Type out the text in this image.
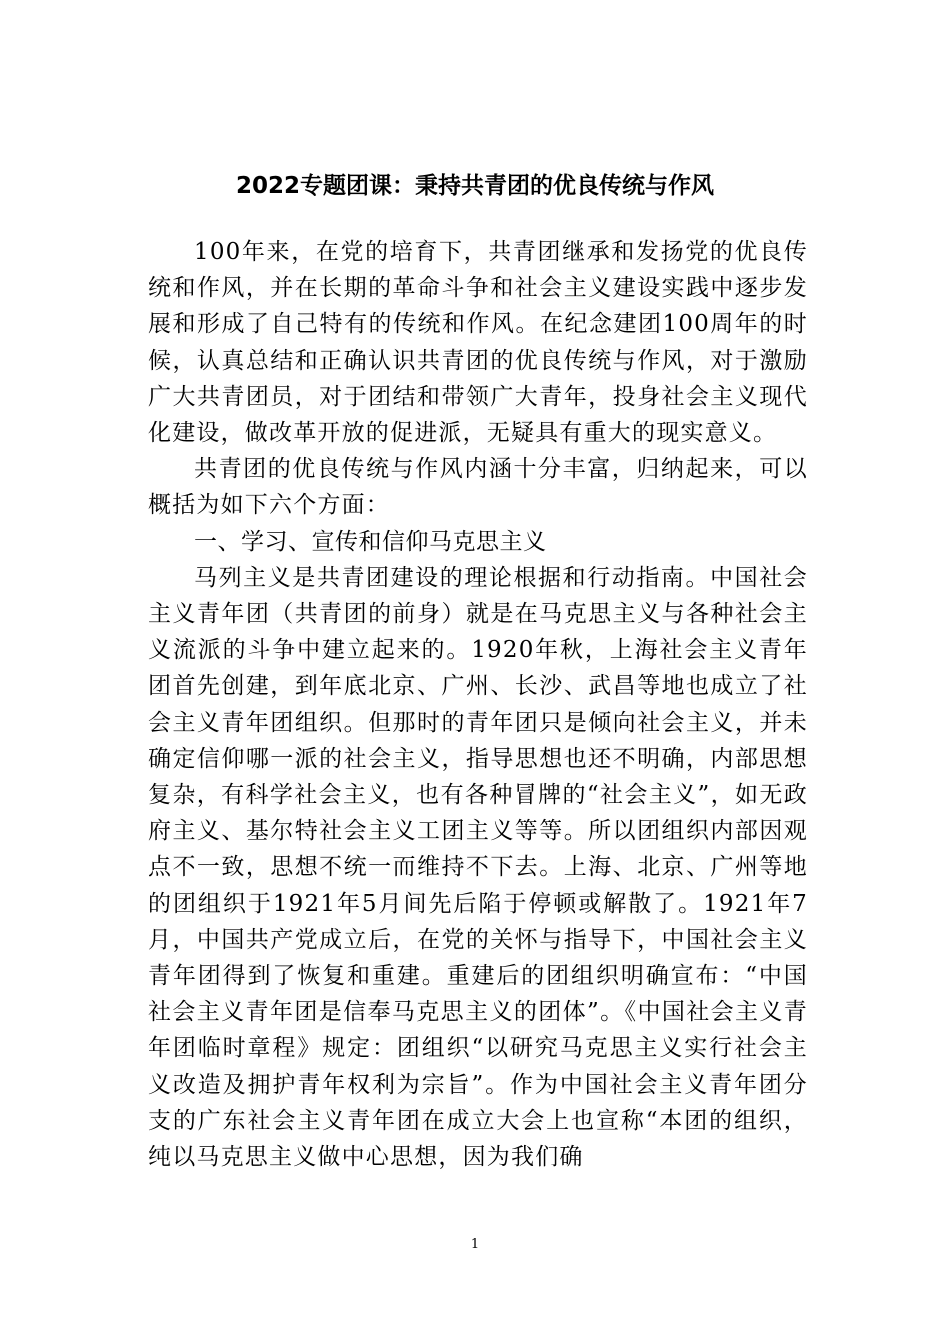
2022专题团课：秉持共青团的优良传统与作风

100年来，在党的培育下，共青团继承和发扬党的优良传统和作风，并在长期的革命斗争和社会主义建设实践中逐步发展和形成了自己特有的传统和作风。在纪念建团100周年的时候，认真总结和正确认识共青团的优良传统与作风，对于激励广大共青团员，对于团结和带领广大青年，投身社会主义现代化建设，做改革开放的促进派，无疑具有重大的现实意义。

共青团的优良传统与作风内涵十分丰富，归纳起来，可以概括为如下六个方面：

一、学习、宣传和信仰马克思主义

马列主义是共青团建设的理论根据和行动指南。中国社会主义青年团（共青团的前身）就是在马克思主义与各种社会主义流派的斗争中建立起来的。1920年秋，上海社会主义青年团首先创建，到年底北京、广州、长沙、武昌等地也成立了社会主义青年团组织。但那时的青年团只是倾向社会主义，并未确定信仰哪一派的社会主义，指导思想也还不明确，内部思想复杂，有科学社会主义，也有各种冒牌的“社会主义”，如无政府主义、基尔特社会主义工团主义等等。所以团组织内部因观点不一致，思想不统一而维持不下去。上海、北京、广州等地的团组织于1921年5月间先后陷于停顿或解散了。1921年7月，中国共产党成立后，在党的关怀与指导下，中国社会主义青年团得到了恢复和重建。重建后的团组织明确宣布：“中国社会主义青年团是信奉马克思主义的团体”。《中国社会主义青年团临时章程》规定：团组织“以研究马克思主义实行社会主义改造及拥护青年权利为宗旨”。作为中国社会主义青年团分支的广东社会主义青年团在成立大会上也宣称“本团的组织，纯以马克思主义做中心思想，因为我们确

1
